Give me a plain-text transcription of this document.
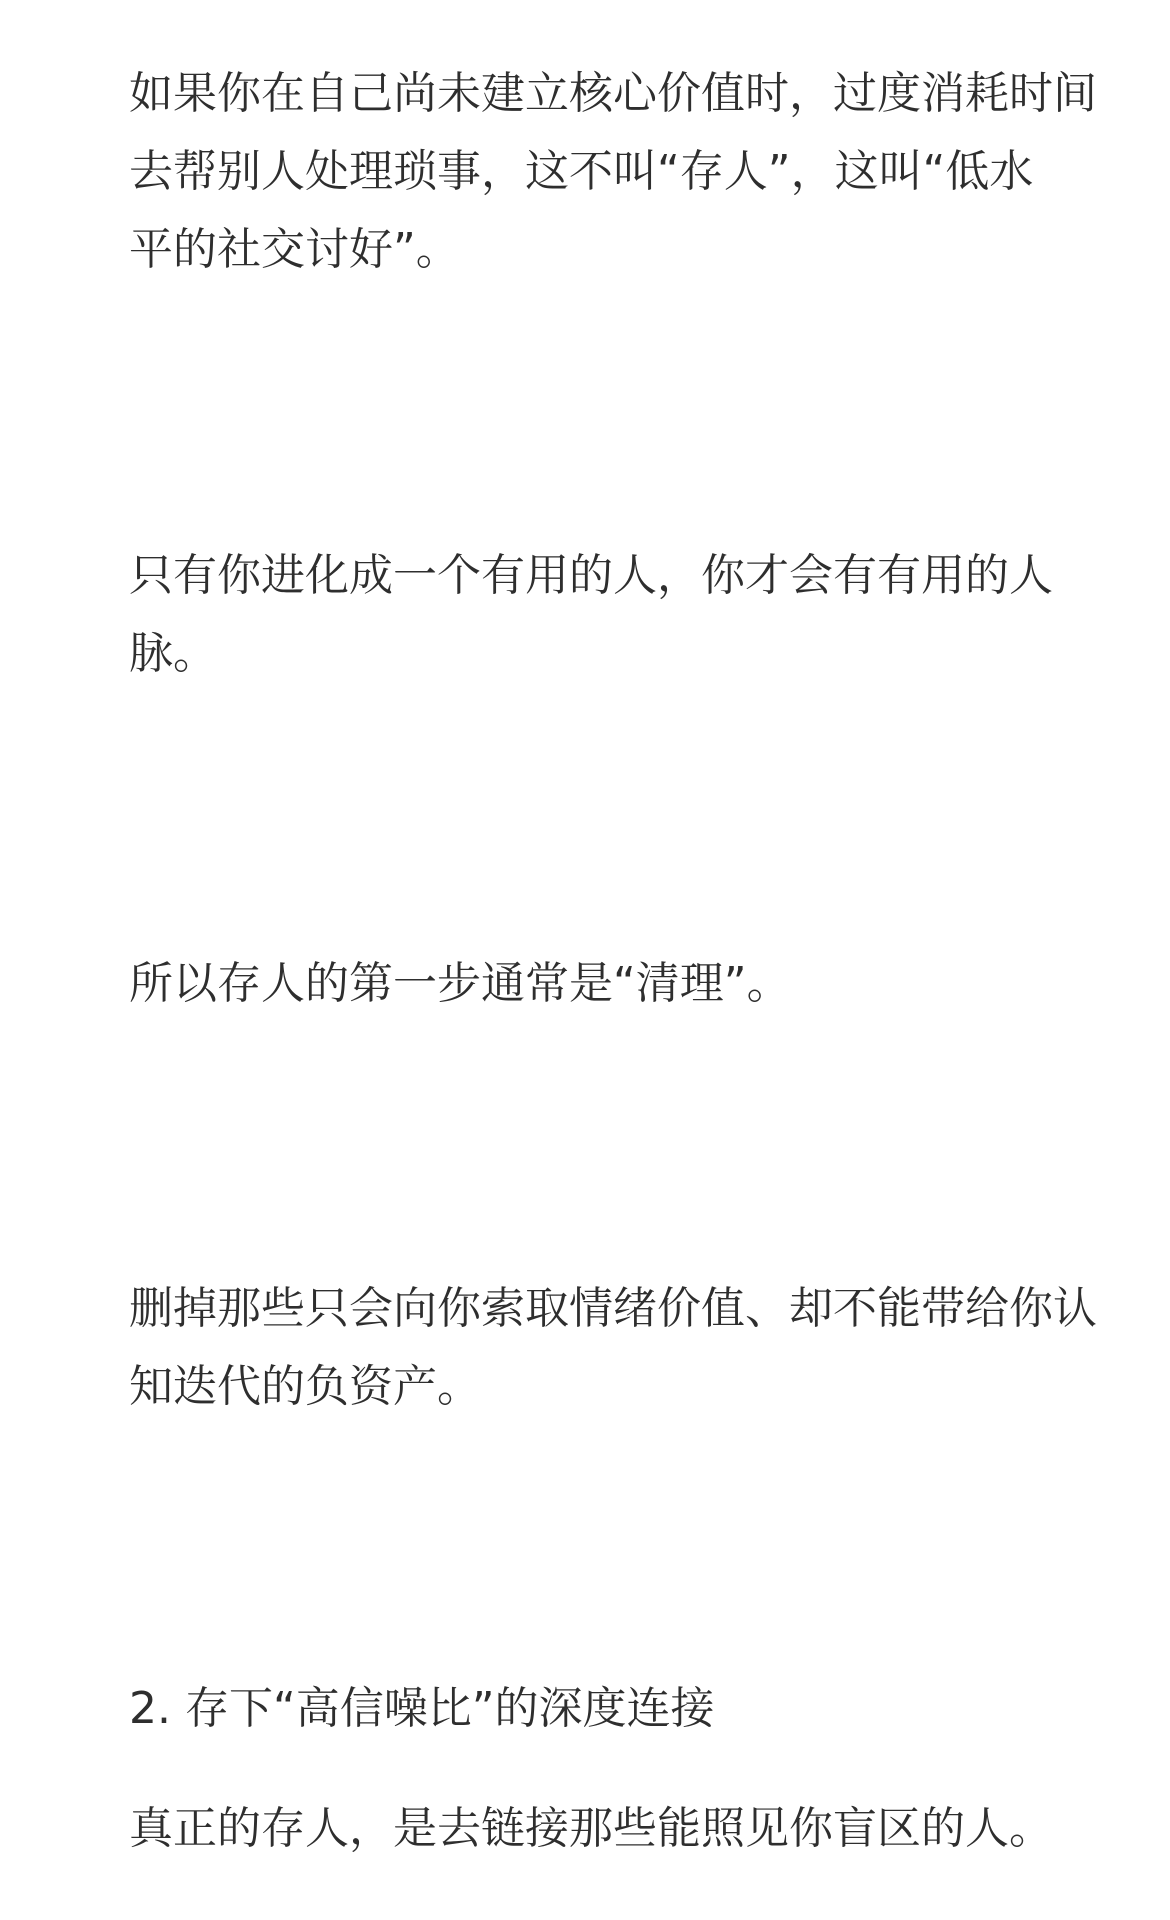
如果你在自己尚未建立核心价值时，过度消耗时间
去帮别人处理琐事，这不叫“存人”，这叫“低水
平的社交讨好”。
只有你进化成一个有用的人，你才会有有用的人
脉。
所以存人的第一步通常是“清理”。
删掉那些只会向你索取情绪价值、却不能带给你认
知迭代的负资产。
2. 存下“高信噪比”的深度连接
真正的存人，是去链接那些能照见你盲区的人。
